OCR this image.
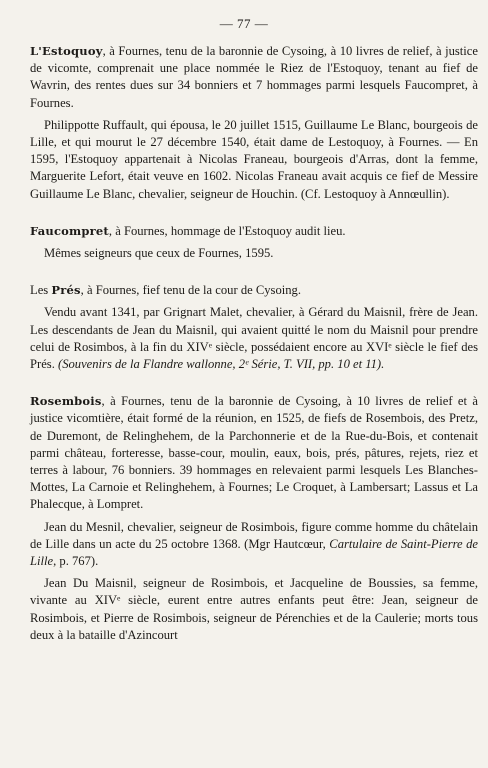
— 77 —

L'Estoquoy, à Fournes, tenu de la baronnie de Cysoing, à 10 livres de relief, à justice de vicomte, comprenait une place nommée le Riez de l'Estoquoy, tenant au fief de Wavrin, des rentes dues sur 34 bonniers et 7 hommages parmi lesquels Faucompret, à Fournes.

Philippotte Ruffault, qui épousa, le 20 juillet 1515, Guillaume Le Blanc, bourgeois de Lille, et qui mourut le 27 décembre 1540, était dame de Lestoquoy, à Fournes. — En 1595, l'Estoquoy appartenait à Nicolas Franeau, bourgeois d'Arras, dont la femme, Marguerite Lefort, était veuve en 1602. Nicolas Franeau avait acquis ce fief de Messire Guillaume Le Blanc, chevalier, seigneur de Houchin. (Cf. Lestoquoy à Annœullin).

Faucompret, à Fournes, hommage de l'Estoquoy audit lieu.

Mêmes seigneurs que ceux de Fournes, 1595.

Les Prés, à Fournes, fief tenu de la cour de Cysoing.

Vendu avant 1341, par Grignart Malet, chevalier, à Gérard du Maisnil, frère de Jean. Les descendants de Jean du Maisnil, qui avaient quitté le nom du Maisnil pour prendre celui de Rosimbos, à la fin du XIVᵉ siècle, possédaient encore au XVIᵉ siècle le fief des Prés. (Souvenirs de la Flandre wallonne, 2ᵉ Série, T. VII, pp. 10 et 11).

Rosembois, à Fournes, tenu de la baronnie de Cysoing, à 10 livres de relief et à justice vicomtière, était formé de la réunion, en 1525, de fiefs de Rosembois, des Pretz, de Duremont, de Relinghehem, de la Parchonnerie et de la Rue-du-Bois, et contenait parmi château, forteresse, basse-cour, moulin, eaux, bois, prés, pâtures, rejets, riez et terres à labour, 76 bonniers. 39 hommages en relevaient parmi lesquels Les Blanches-Mottes, La Carnoie et Relinghehem, à Fournes; Le Croquet, à Lambersart; Lassus et La Phalecque, à Lompret.

Jean du Mesnil, chevalier, seigneur de Rosimbois, figure comme homme du châtelain de Lille dans un acte du 25 octobre 1368. (Mgr Hautcœur, Cartulaire de Saint-Pierre de Lille, p. 767).

Jean Du Maisnil, seigneur de Rosimbois, et Jacqueline de Boussies, sa femme, vivante au XIVᵉ siècle, eurent entre autres enfants peut être: Jean, seigneur de Rosimbois, et Pierre de Rosimbois, seigneur de Pérenchies et de la Caulerie; morts tous deux à la bataille d'Azincourt
